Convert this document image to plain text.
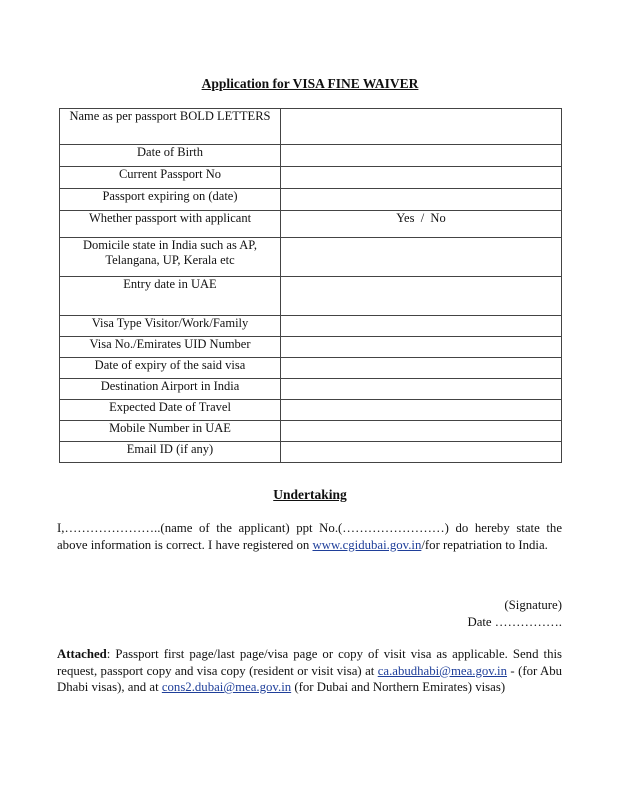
Application for VISA FINE WAIVER
Name as per passport BOLD LETTERS	
Date of Birth	
Current Passport No	
Passport expiring on (date)	
Whether passport with applicant	Yes  /  No
Domicile state in India such as AP, Telangana, UP, Kerala etc	
Entry date in UAE	
Visa Type Visitor/Work/Family	
Visa No./Emirates UID Number	
Date of expiry of the said visa	
Destination Airport in India	
Expected Date of Travel	
Mobile Number in UAE	
Email ID (if any)	
Undertaking
I,…………………..(name of the applicant) ppt No.(……………………) do hereby state the above information is correct. I have registered on www.cgidubai.gov.in/for repatriation to India.
(Signature)
Date …………….
Attached: Passport first page/last page/visa page or copy of visit visa as applicable. Send this request, passport copy and visa copy (resident or visit visa) at ca.abudhabi@mea.gov.in - (for Abu Dhabi visas), and at cons2.dubai@mea.gov.in (for Dubai and Northern Emirates) visas)
